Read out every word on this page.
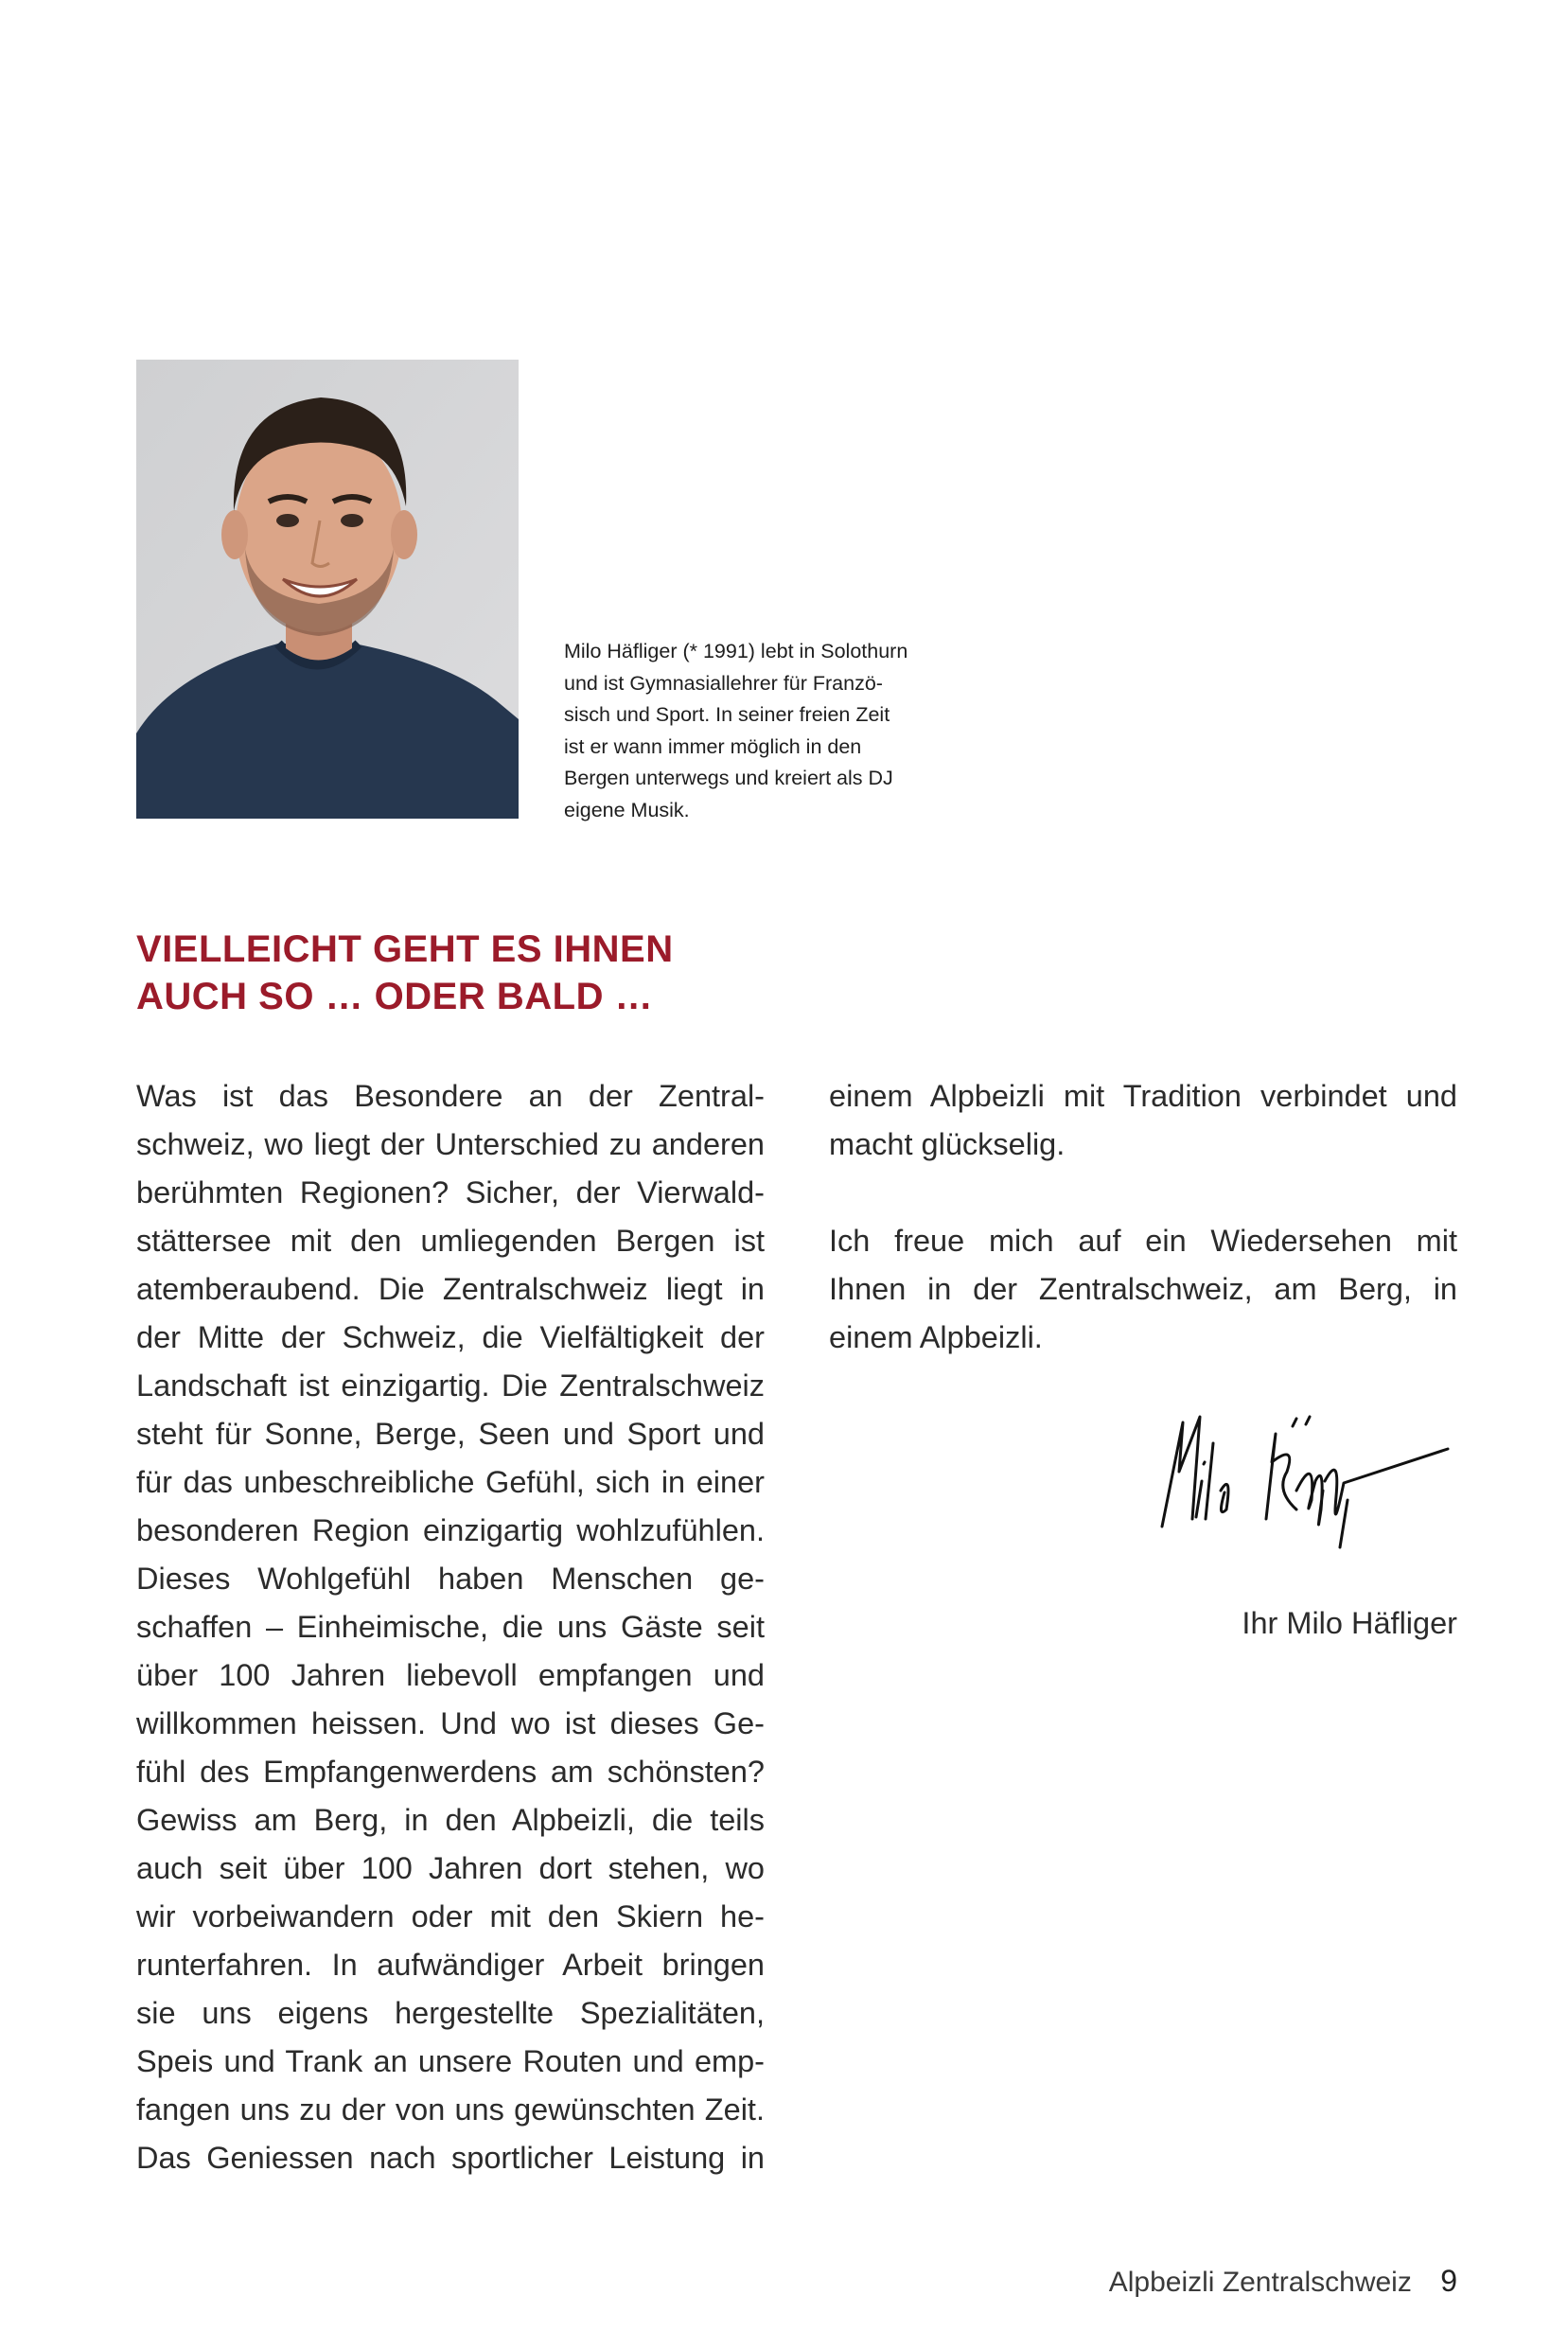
Milo Häfliger (* 1991) lebt in Solothurn
und ist Gymnasiallehrer für Franzö-
sisch und Sport. In seiner freien Zeit
ist er wann immer möglich in den
Bergen unterwegs und kreiert als DJ
eigene Musik.
VIELLEICHT GEHT ES IHNEN
AUCH SO … ODER BALD …
Was ist das Besondere an der Zentral-
schweiz, wo liegt der Unterschied zu anderen
berühmten Regionen? Sicher, der Vierwald-
stättersee mit den umliegenden Bergen ist
atemberaubend. Die Zentralschweiz liegt in
der Mitte der Schweiz, die Vielfältigkeit der
Landschaft ist einzigartig. Die Zentralschweiz
steht für Sonne, Berge, Seen und Sport und
für das unbeschreibliche Gefühl, sich in einer
besonderen Region einzigartig wohlzufühlen.
Dieses Wohlgefühl haben Menschen ge-
schaffen – Einheimische, die uns Gäste seit
über 100 Jahren liebevoll empfangen und
willkommen heissen. Und wo ist dieses Ge-
fühl des Empfangenwerdens am schönsten?
Gewiss am Berg, in den Alpbeizli, die teils
auch seit über 100 Jahren dort stehen, wo
wir vorbeiwandern oder mit den Skiern he-
runterfahren. In aufwändiger Arbeit bringen
sie uns eigens hergestellte Spezialitäten,
Speis und Trank an unsere Routen und emp-
fangen uns zu der von uns gewünschten Zeit.
Das Geniessen nach sportlicher Leistung in
einem Alpbeizli mit Tradition verbindet und
macht glückselig.
Ich freue mich auf ein Wiedersehen mit
Ihnen in der Zentralschweiz, am Berg, in
einem Alpbeizli.
Ihr Milo Häfliger
Alpbeizli Zentralschweiz 9
